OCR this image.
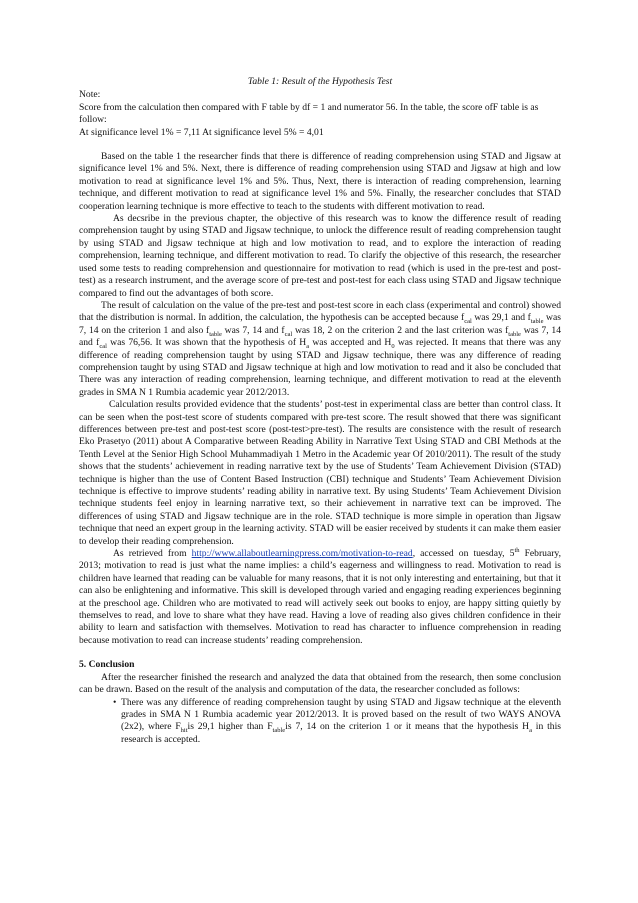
Table 1: Result of the Hypothesis Test

Note:

Score from the calculation then compared with F table by df = 1 and numerator 56. In the table, the score ofF table is as follow:

At significance level 1% = 7,11 At significance level 5% = 4,01

Based on the table 1 the researcher finds that there is difference of reading comprehension using STAD and Jigsaw at significance level 1% and 5%. Next, there is difference of reading comprehension using STAD and Jigsaw at high and low motivation to read at significance level 1% and 5%. Thus, Next, there is interaction of reading comprehension, learning technique, and different motivation to read at significance level 1% and 5%. Finally, the researcher concludes that STAD cooperation learning technique is more effective to teach to the students with different motivation to read.

As decsribe in the previous chapter, the objective of this research was to know the difference result of reading comprehension taught by using STAD and Jigsaw technique, to unlock the difference result of reading comprehension taught by using STAD and Jigsaw technique at high and low motivation to read, and to explore the interaction of reading comprehension, learning technique, and different motivation to read. To clarify the objective of this research, the researcher used some tests to reading comprehension and questionnaire for motivation to read (which is used in the pre-test and post-test) as a research instrument, and the average score of pre-test and post-test for each class using STAD and Jigsaw technique compared to find out the advantages of both score.

The result of calculation on the value of the pre-test and post-test score in each class (experimental and control) showed that the distribution is normal. In addition, the calculation, the hypothesis can be accepted because $f_{cal}$ was 29,1 and $f_{table}$ was 7, 14 on the criterion 1 and also $f_{table}$ was 7, 14 and $f_{cal}$ was 18, 2 on the criterion 2 and the last criterion was $f_{table}$ was 7, 14 and $f_{cal}$ was 76,56. It was shown that the hypothesis of $H_a$ was accepted and $H_0$ was rejected. It means that there was any difference of reading comprehension taught by using STAD and Jigsaw technique, there was any difference of reading comprehension taught by using STAD and Jigsaw technique at high and low motivation to read and it also be concluded that There was any interaction of reading comprehension, learning technique, and different motivation to read at the eleventh grades in SMA N 1 Rumbia academic year 2012/2013.

Calculation results provided evidence that the students’ post-test in experimental class are better than control class. It can be seen when the post-test score of students compared with pre-test score. The result showed that there was significant differences between pre-test and post-test score (post-test>pre-test). The results are consistence with the result of research Eko Prasetyo (2011) about A Comparative between Reading Ability in Narrative Text Using STAD and CBI Methods at the Tenth Level at the Senior High School Muhammadiyah 1 Metro in the Academic year Of 2010/2011). The result of the study shows that the students’ achievement in reading narrative text by the use of Students’ Team Achievement Division (STAD) technique is higher than the use of Content Based Instruction (CBI) technique and Students’ Team Achievement Division technique is effective to improve students’ reading ability in narrative text. By using Students’ Team Achievement Division technique students feel enjoy in learning narrative text, so their achievement in narrative text can be improved. The differences of using STAD and Jigsaw technique are in the role. STAD technique is more simple in operation than Jigsaw technique that need an expert group in the learning activity. STAD will be easier received by students it can make them easier to develop their reading comprehension.

As retrieved from http://www.allaboutlearningpress.com/motivation-to-read, accessed on tuesday, 5th February, 2013; motivation to read is just what the name implies: a child’s eagerness and willingness to read. Motivation to read is children have learned that reading can be valuable for many reasons, that it is not only interesting and entertaining, but that it can also be enlightening and informative. This skill is developed through varied and engaging reading experiences beginning at the preschool age. Children who are motivated to read will actively seek out books to enjoy, are happy sitting quietly by themselves to read, and love to share what they have read. Having a love of reading also gives children confidence in their ability to learn and satisfaction with themselves. Motivation to read has character to influence comprehension in reading because motivation to read can increase students’ reading comprehension.

5. Conclusion

After the researcher finished the research and analyzed the data that obtained from the research, then some conclusion can be drawn. Based on the result of the analysis and computation of the data, the researcher concluded as follows:

• There was any difference of reading comprehension taught by using STAD and Jigsaw technique at the eleventh grades in SMA N 1 Rumbia academic year 2012/2013. It is proved based on the result of two WAYS ANOVA (2x2), where $F_{hit}is$ 29,1 higher than $F_{table}is$ 7, 14 on the criterion 1 or it means that the hypothesis $H_a$ in this research is accepted.
